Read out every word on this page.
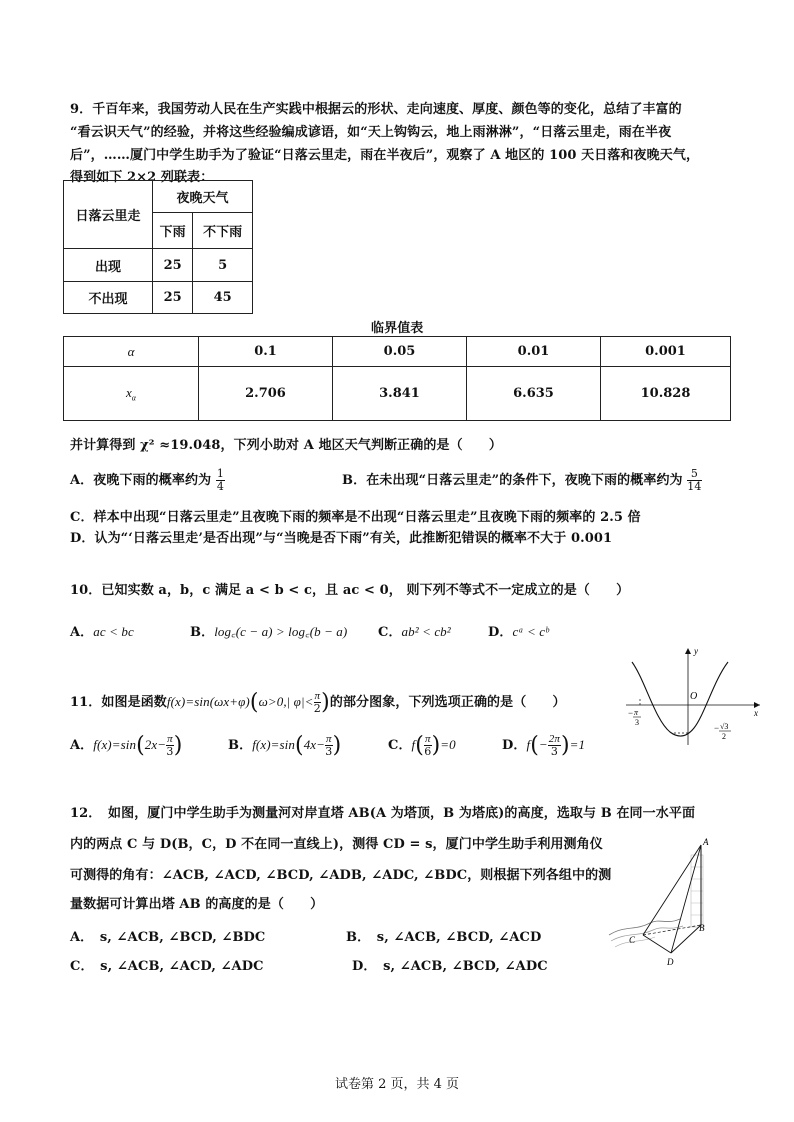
9．千百年来，我国劳动人民在生产实践中根据云的形状、走向速度、厚度、颜色等的变化，总结了丰富的
“看云识天气”的经验，并将这些经验编成谚语，如“天上钩钩云，地上雨淋淋”，“日落云里走，雨在半夜
后”，……厦门中学生助手为了验证“日落云里走，雨在半夜后”，观察了 A 地区的 100 天日落和夜晚天气，
得到如下 2×2 列联表：
日落云里走	夜晚天气	
	下雨	不下雨
出现	25	5
不出现	25	45
临界值表
α	0.1	0.05	0.01	0.001
$x_\alpha$	2.706	3.841	6.635	10.828
并计算得到 χ² ≈19.048，下列小助对 A 地区天气判断正确的是（　　）
A．夜晚下雨的概率约为 $\frac{1}{4}$	B．在未出现“日落云里走”的条件下，夜晚下雨的概率约为 $\frac{5}{14}$
C．样本中出现“日落云里走”且夜晚下雨的频率是不出现“日落云里走”且夜晚下雨的频率的 2.5 倍
D．认为“‘日落云里走’是否出现”与“当晚是否下雨”有关，此推断犯错误的概率不大于 0.001
10．已知实数 a，b，c 满足 a < b < c，且 ac < 0， 则下列不等式不一定成立的是（　　）
A．ac < bc	B．log꜀(c − a) > log꜀(b − a) C．ab² < cb²	D．cᵃ < cᵇ
11．如图是函数f(x)=sin(ωx+φ)(ω>0,| $\varphi|< \frac{\pi}{2}$ )的部分图象，下列选项正确的是（　　）
A．$f(x)=\sin(2x- \frac{\pi}{3}$ )	B．$f(x)=\sin(4x- \frac{\pi}{3}$ )	C．$f( \frac{\pi}{6} )=0$	D．$f(- \frac{2\pi}{3} )=1$
y
x
O
− π
3
− √3
2
12．　如图，厦门中学生助手为测量河对岸直塔 AB(A 为塔顶，B 为塔底)的高度，选取与 B 在同一水平面
内的两点 C 与 D(B，C，D 不在同一直线上)，测得 CD = s，厦门中学生助手利用测角仪
可测得的角有：∠ACB, ∠ACD, ∠BCD, ∠ADB, ∠ADC, ∠BDC，则根据下列各组中的测
量数据可计算出塔 AB 的高度的是（　　）
A．　s, ∠ACB, ∠BCD, ∠BDC	B．　s, ∠ACB, ∠BCD, ∠ACD
C．　s, ∠ACB, ∠ACD, ∠ADC	D．　s, ∠ACB, ∠BCD, ∠ADC
A
B
C
D
试卷第 2 页，共 4 页
